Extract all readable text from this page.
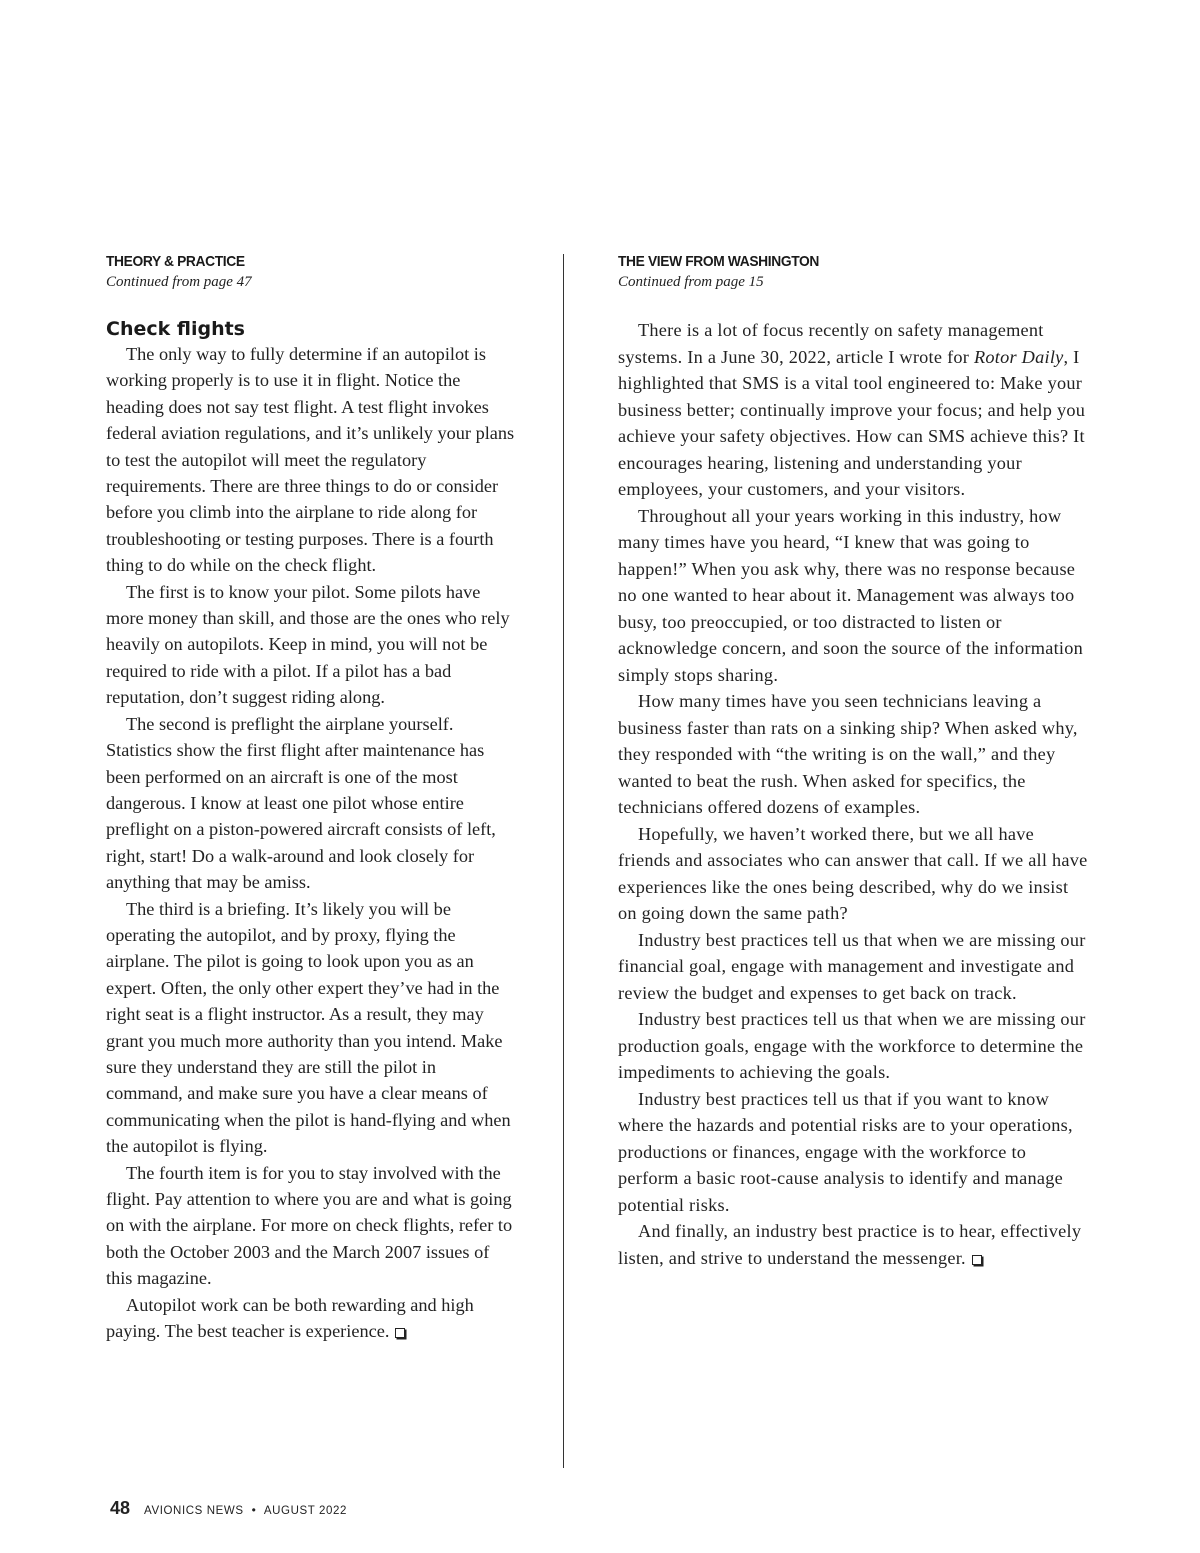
THEORY & PRACTICE
Continued from page 47
Check flights

The only way to fully determine if an autopilot is working properly is to use it in flight. Notice the heading does not say test flight. A test flight invokes federal aviation regulations, and it’s unlikely your plans to test the autopilot will meet the regulatory requirements. There are three things to do or consider before you climb into the airplane to ride along for troubleshooting or testing purposes. There is a fourth thing to do while on the check flight.

The first is to know your pilot. Some pilots have more money than skill, and those are the ones who rely heavily on autopilots. Keep in mind, you will not be required to ride with a pilot. If a pilot has a bad reputation, don’t suggest riding along.

The second is preflight the airplane yourself. Statistics show the first flight after maintenance has been performed on an aircraft is one of the most dangerous. I know at least one pilot whose entire preflight on a piston-powered aircraft consists of left, right, start! Do a walk-around and look closely for anything that may be amiss.

The third is a briefing. It’s likely you will be operating the autopilot, and by proxy, flying the airplane. The pilot is going to look upon you as an expert. Often, the only other expert they’ve had in the right seat is a flight instructor. As a result, they may grant you much more authority than you intend. Make sure they understand they are still the pilot in command, and make sure you have a clear means of communicating when the pilot is hand-flying and when the autopilot is flying.

The fourth item is for you to stay involved with the flight. Pay attention to where you are and what is going on with the airplane. For more on check flights, refer to both the October 2003 and the March 2007 issues of this magazine.

Autopilot work can be both rewarding and high paying. The best teacher is experience.

THE VIEW FROM WASHINGTON
Continued from page 15

There is a lot of focus recently on safety management systems. In a June 30, 2022, article I wrote for Rotor Daily, I highlighted that SMS is a vital tool engineered to: Make your business better; continually improve your focus; and help you achieve your safety objectives. How can SMS achieve this? It encourages hearing, listening and understanding your employees, your customers, and your visitors.

Throughout all your years working in this industry, how many times have you heard, “I knew that was going to happen!” When you ask why, there was no response because no one wanted to hear about it. Management was always too busy, too preoccupied, or too distracted to listen or acknowledge concern, and soon the source of the information simply stops sharing.

How many times have you seen technicians leaving a business faster than rats on a sinking ship? When asked why, they responded with “the writing is on the wall,” and they wanted to beat the rush. When asked for specifics, the technicians offered dozens of examples.

Hopefully, we haven’t worked there, but we all have friends and associates who can answer that call. If we all have experiences like the ones being described, why do we insist on going down the same path?

Industry best practices tell us that when we are missing our financial goal, engage with management and investigate and review the budget and expenses to get back on track.

Industry best practices tell us that when we are missing our production goals, engage with the workforce to determine the impediments to achieving the goals.

Industry best practices tell us that if you want to know where the hazards and potential risks are to your operations, productions or finances, engage with the workforce to perform a basic root-cause analysis to identify and manage potential risks.

And finally, an industry best practice is to hear, effectively listen, and strive to understand the messenger.

48 AVIONICS NEWS • AUGUST 2022
